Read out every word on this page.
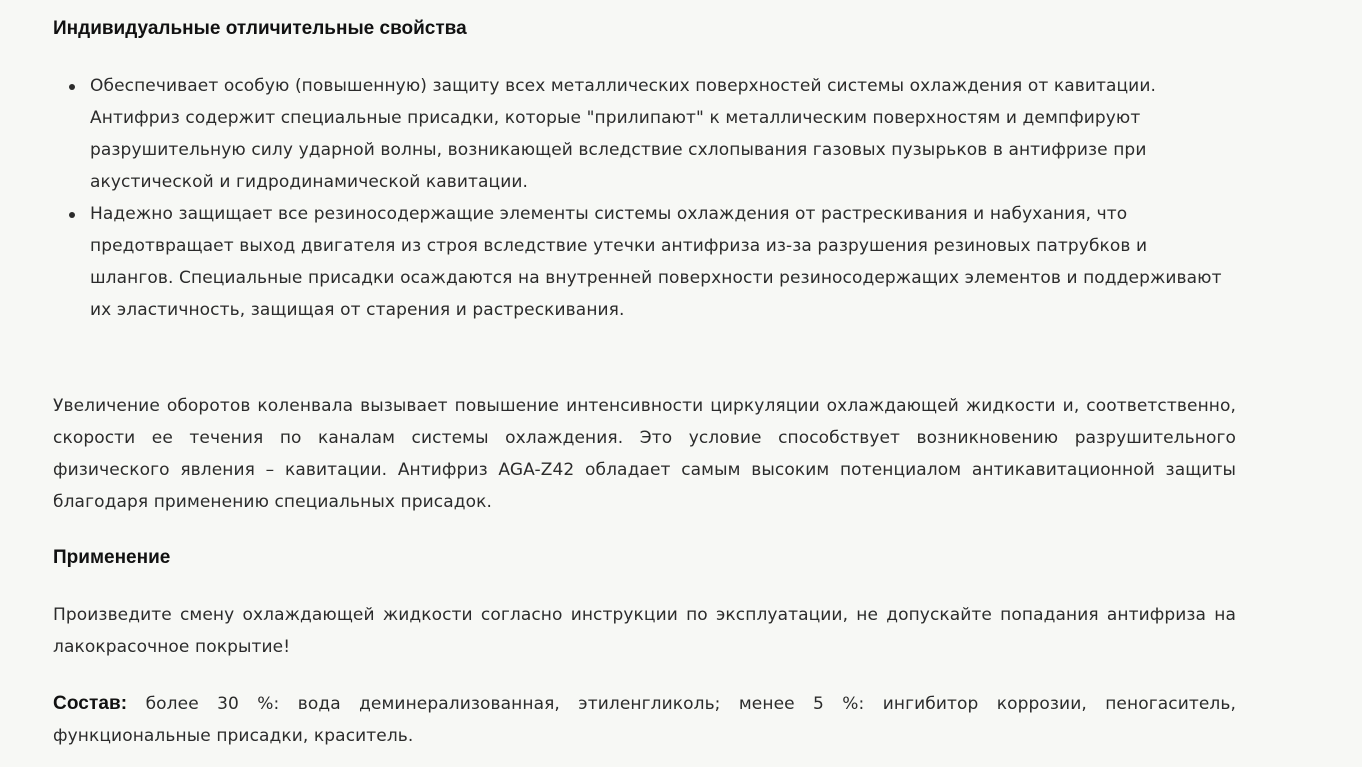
Индивидуальные отличительные свойства
Обеспечивает особую (повышенную) защиту всех металлических поверхностей системы охлаждения от кавитации. Антифриз содержит специальные присадки, которые "прилипают" к металлическим поверхностям и демпфируют разрушительную силу ударной волны, возникающей вследствие схлопывания газовых пузырьков в антифризе при акустической и гидродинамической кавитации.
Надежно защищает все резиносодержащие элементы системы охлаждения от растрескивания и набухания, что предотвращает выход двигателя из строя вследствие утечки антифриза из-за разрушения резиновых патрубков и шлангов. Специальные присадки осаждаются на внутренней поверхности резиносодержащих элементов и поддерживают их эластичность, защищая от старения и растрескивания.

Увеличение оборотов коленвала вызывает повышение интенсивности циркуляции охлаждающей жидкости и, соответственно, скорости ее течения по каналам системы охлаждения. Это условие способствует возникновению разрушительного физического явления – кавитации. Антифриз AGA-Z42 обладает самым высоким потенциалом антикавитационной защиты благодаря применению специальных присадок.

Применение

Произведите смену охлаждающей жидкости согласно инструкции по эксплуатации, не допускайте попадания антифриза на лакокрасочное покрытие!

Состав: более 30 %: вода деминерализованная, этиленгликоль; менее 5 %: ингибитор коррозии, пеногаситель, функциональные присадки, краситель.
